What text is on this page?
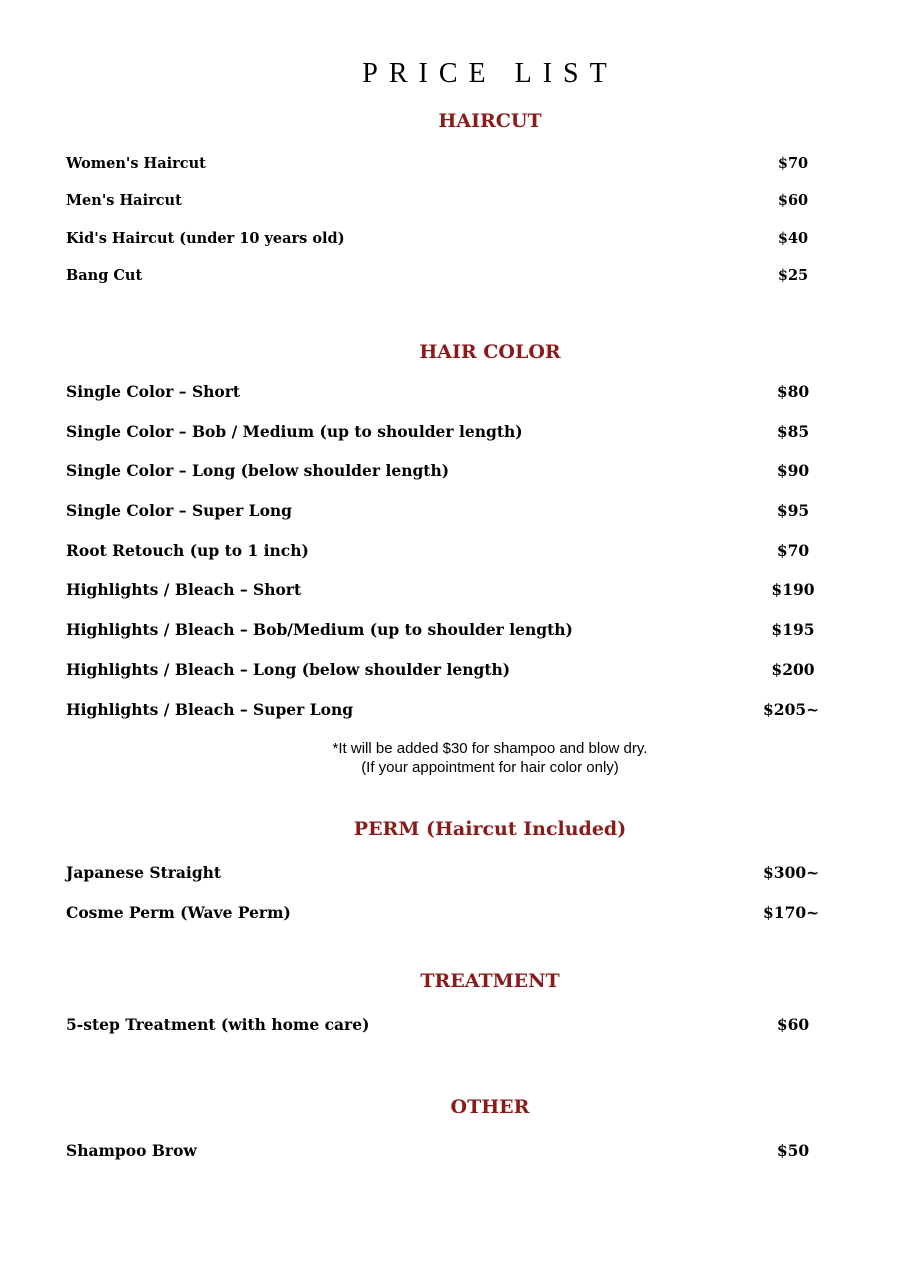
PRICE LIST
HAIRCUT
Women's Haircut	$70
Men's Haircut	$60
Kid's Haircut (under 10 years old)	$40
Bang Cut	$25
HAIR COLOR
Single Color – Short	$80
Single Color – Bob / Medium (up to shoulder length)	$85
Single Color – Long (below shoulder length)	$90
Single Color – Super Long	$95
Root Retouch (up to 1 inch)	$70
Highlights / Bleach – Short	$190
Highlights / Bleach – Bob/Medium (up to shoulder length)	$195
Highlights / Bleach – Long (below shoulder length)	$200
Highlights / Bleach – Super Long	$205~
*It will be added $30 for shampoo and blow dry.
(If your appointment for hair color only)
PERM (Haircut Included)
Japanese Straight	$300~
Cosme Perm (Wave Perm)	$170~
TREATMENT
5-step Treatment (with home care)	$60
OTHER
Shampoo Brow	$50
